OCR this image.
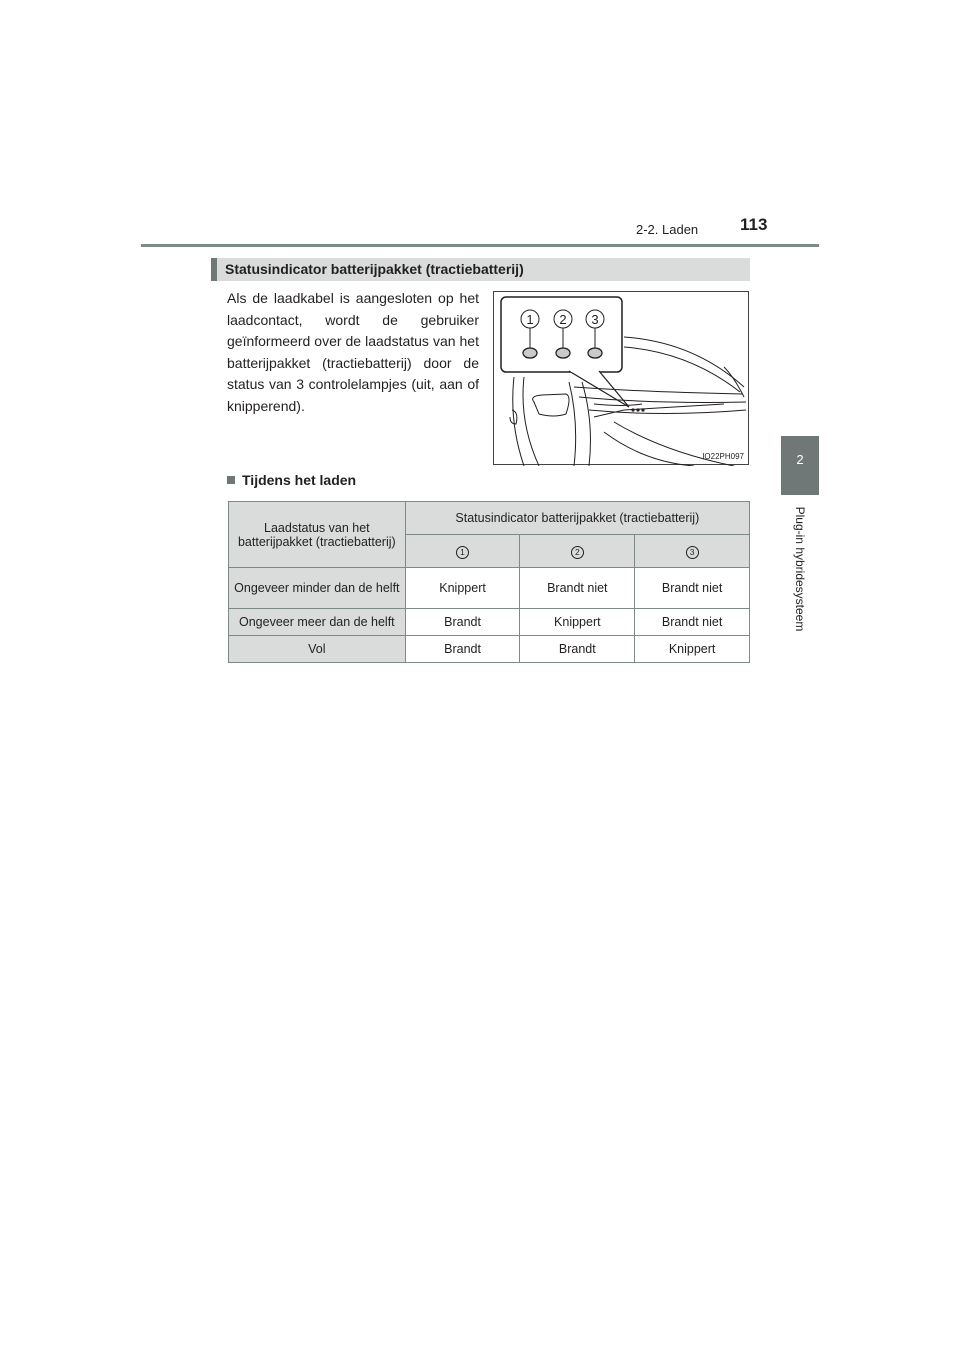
2-2. Laden 113
2
Plug-in hybridesysteem
Statusindicator batterijpakket (tractiebatterij)
Als de laadkabel is aangesloten op het laadcontact, wordt de gebruiker geïnformeerd over de laadstatus van het batterijpakket (tractiebatterij) door de status van 3 controlelampjes (uit, aan of knipperend).
1 2 3
IO22PH097
Tijdens het laden
Laadstatus van het batterijpakket (tractiebatterij)	Statusindicator batterijpakket (tractiebatterij)		
	1	2	3
Ongeveer minder dan de helft	Knippert	Brandt niet	Brandt niet
Ongeveer meer dan de helft	Brandt	Knippert	Brandt niet
Vol	Brandt	Brandt	Knippert
